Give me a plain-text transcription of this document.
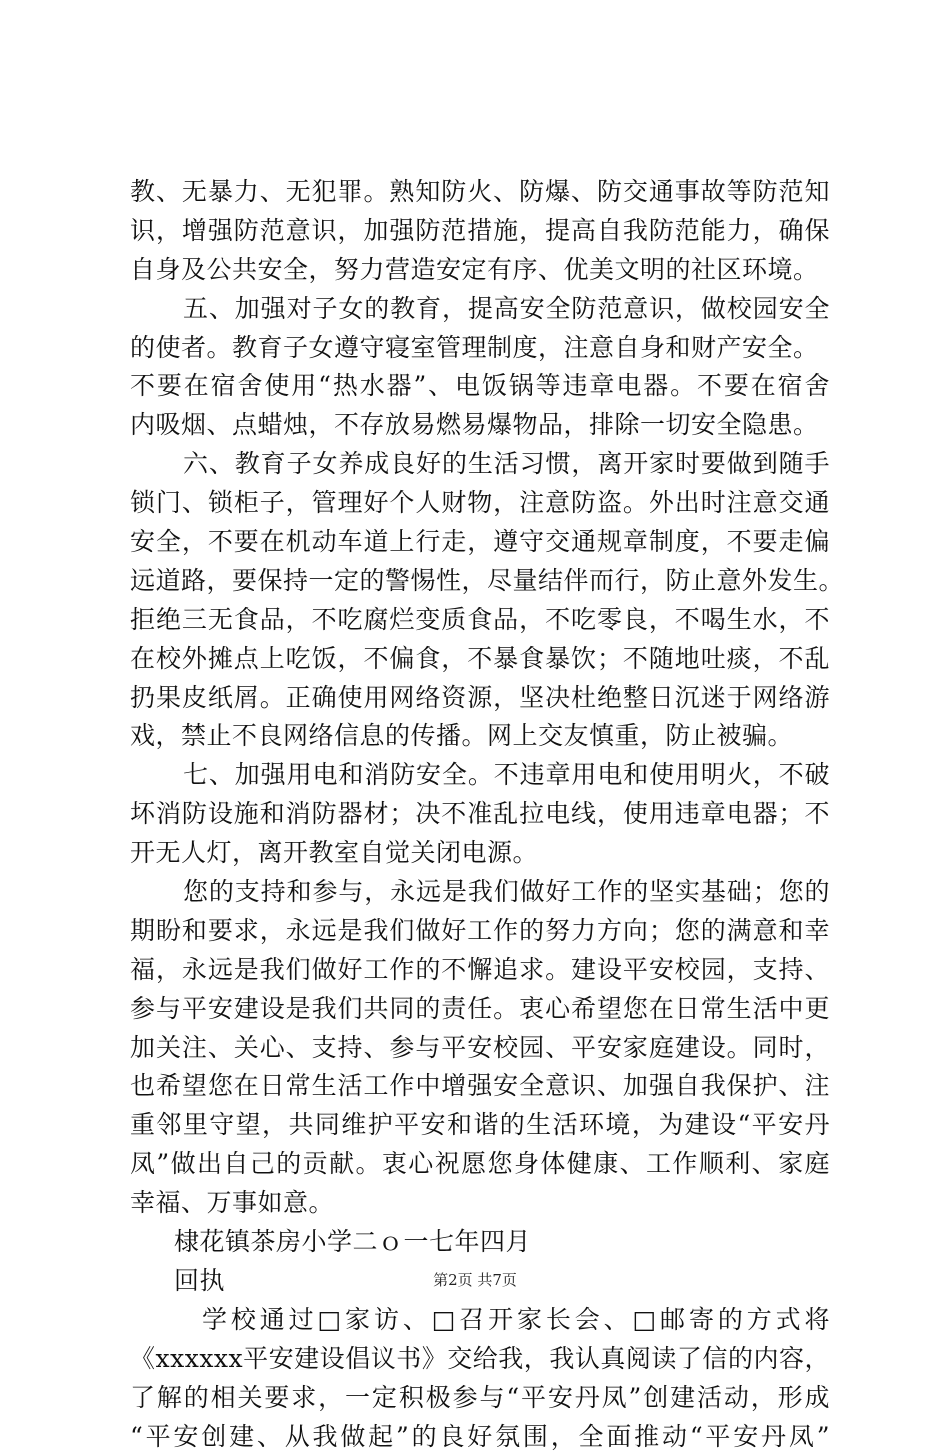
教、无暴力、无犯罪。熟知防火、防爆、防交通事故等防范知
识，增强防范意识，加强防范措施，提高自我防范能力，确保
自身及公共安全，努力营造安定有序、优美文明的社区环境。
五、加强对子女的教育，提高安全防范意识，做校园安全
的使者。教育子女遵守寝室管理制度，注意自身和财产安全。
不要在宿舍使用“热水器”、电饭锅等违章电器。不要在宿舍
内吸烟、点蜡烛，不存放易燃易爆物品，排除一切安全隐患。
六、教育子女养成良好的生活习惯，离开家时要做到随手
锁门、锁柜子，管理好个人财物，注意防盗。外出时注意交通
安全，不要在机动车道上行走，遵守交通规章制度，不要走偏
远道路，要保持一定的警惕性，尽量结伴而行，防止意外发生。
拒绝三无食品，不吃腐烂变质食品，不吃零良，不喝生水，不
在校外摊点上吃饭，不偏食，不暴食暴饮；不随地吐痰，不乱
扔果皮纸屑。正确使用网络资源，坚决杜绝整日沉迷于网络游
戏，禁止不良网络信息的传播。网上交友慎重，防止被骗。
七、加强用电和消防安全。不违章用电和使用明火，不破
坏消防设施和消防器材；决不准乱拉电线，使用违章电器；不
开无人灯，离开教室自觉关闭电源。
您的支持和参与，永远是我们做好工作的坚实基础；您的
期盼和要求，永远是我们做好工作的努力方向；您的满意和幸
福，永远是我们做好工作的不懈追求。建设平安校园，支持、
参与平安建设是我们共同的责任。衷心希望您在日常生活中更
加关注、关心、支持、参与平安校园、平安家庭建设。同时，
也希望您在日常生活工作中增强安全意识、加强自我保护、注
重邻里守望，共同维护平安和谐的生活环境，为建设“平安丹
凤”做出自己的贡献。衷心祝愿您身体健康、工作顺利、家庭
幸福、万事如意。
棣花镇茶房小学二ｏ一七年四月
回执
学校通过□家访、□召开家长会、□邮寄的方式将
《xxxxxx平安建设倡议书》交给我，我认真阅读了信的内容，
了解的相关要求，一定积极参与“平安丹凤”创建活动，形成
“平安创建、从我做起”的良好氛围，全面推动“平安丹凤”
第2页 共7页
